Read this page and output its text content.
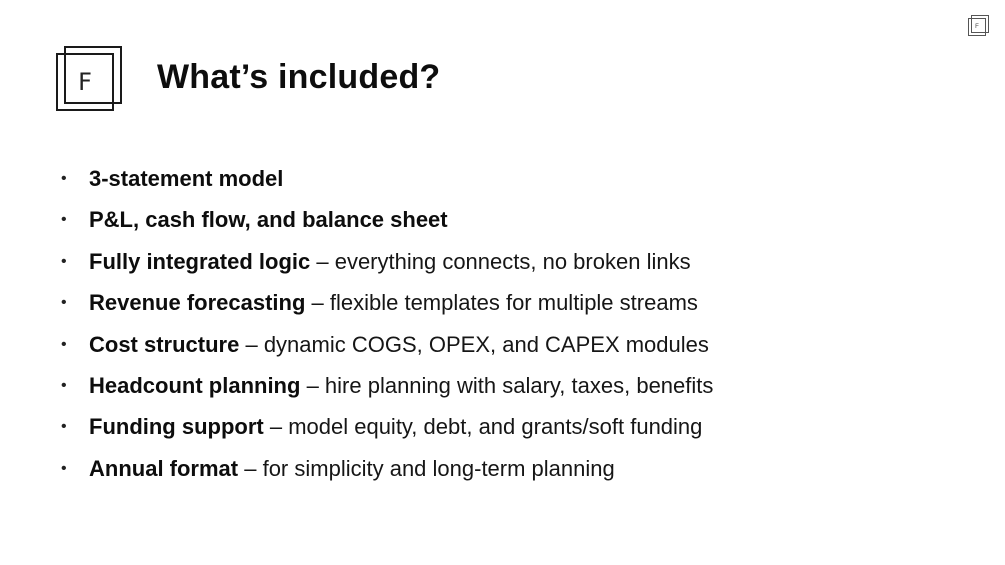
F
F	What’s included?
• 3-statement model
• P&L, cash flow, and balance sheet
• Fully integrated logic – everything connects, no broken links
• Revenue forecasting – flexible templates for multiple streams
• Cost structure – dynamic COGS, OPEX, and CAPEX modules
• Headcount planning – hire planning with salary, taxes, benefits
• Funding support – model equity, debt, and grants/soft funding
• Annual format – for simplicity and long-term planning
